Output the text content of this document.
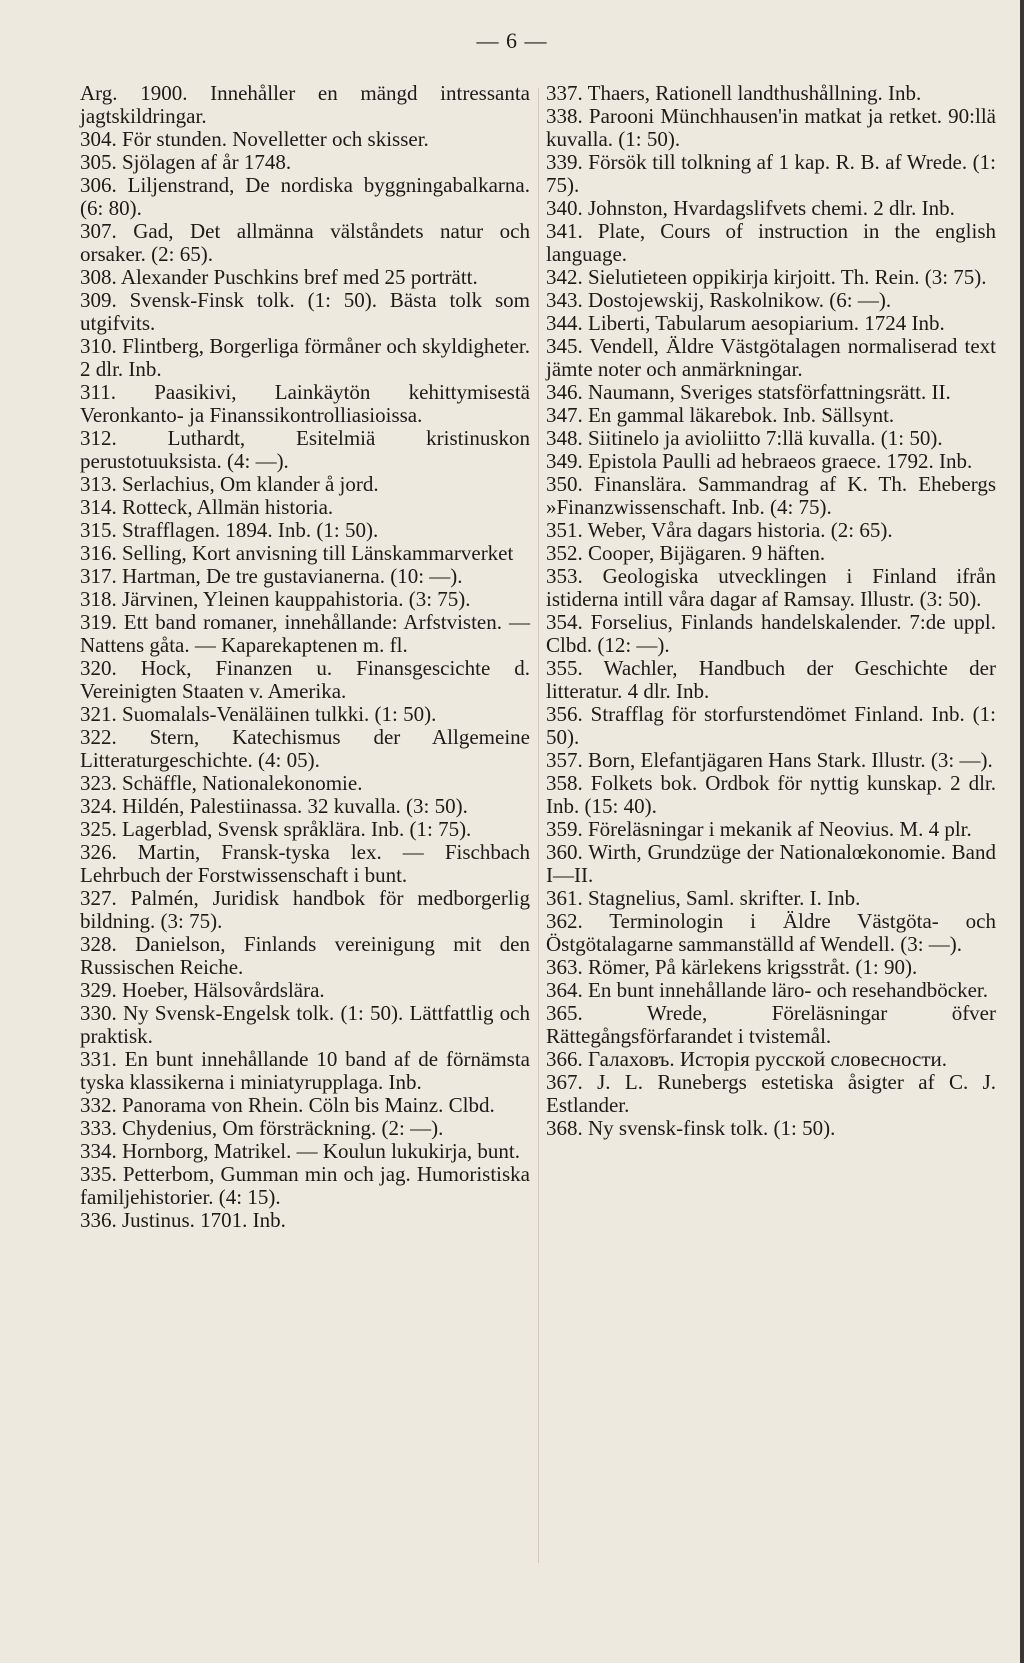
— 6 —

Arg. 1900. Innehåller en mängd intressanta jagtskildringar.

304. För stunden. Novelletter och skisser.

305. Sjölagen af år 1748.

306. Liljenstrand, De nordiska byggningabalkarna. (6: 80).

307. Gad, Det allmänna välståndets natur och orsaker. (2: 65).

308. Alexander Puschkins bref med 25 porträtt.

309. Svensk-Finsk tolk. (1: 50). Bästa tolk som utgifvits.

310. Flintberg, Borgerliga förmåner och skyldigheter. 2 dlr. Inb.

311. Paasikivi, Lainkäytön kehittymisestä Veronkanto- ja Finanssikontrolliasioissa.

312. Luthardt, Esitelmiä kristinuskon perustotuuksista. (4: —).

313. Serlachius, Om klander å jord.

314. Rotteck, Allmän historia.

315. Strafflagen. 1894. Inb. (1: 50).

316. Selling, Kort anvisning till Länskammarverket

317. Hartman, De tre gustavianerna. (10: —).

318. Järvinen, Yleinen kauppahistoria. (3: 75).

319. Ett band romaner, innehållande: Arfstvisten. — Nattens gåta. — Kaparekaptenen m. fl.

320. Hock, Finanzen u. Finansgescichte d. Vereinigten Staaten v. Amerika.

321. Suomalals-Venäläinen tulkki. (1: 50).

322. Stern, Katechismus der Allgemeine Litteraturgeschichte. (4: 05).

323. Schäffle, Nationalekonomie.

324. Hildén, Palestiinassa. 32 kuvalla. (3: 50).

325. Lagerblad, Svensk språklära. Inb. (1: 75).

326. Martin, Fransk-tyska lex. — Fischbach Lehrbuch der Forstwissenschaft i bunt.

327. Palmén, Juridisk handbok för medborgerlig bildning. (3: 75).

328. Danielson, Finlands vereinigung mit den Russischen Reiche.

329. Hoeber, Hälsovårdslära.

330. Ny Svensk-Engelsk tolk. (1: 50). Lättfattlig och praktisk.

331. En bunt innehållande 10 band af de förnämsta tyska klassikerna i miniatyrupplaga. Inb.

332. Panorama von Rhein. Cöln bis Mainz. Clbd.

333. Chydenius, Om försträckning. (2: —).

334. Hornborg, Matrikel. — Koulun lukukirja, bunt.

335. Petterbom, Gumman min och jag. Humoristiska familjehistorier. (4: 15).

336. Justinus. 1701. Inb.

337. Thaers, Rationell landthushållning. Inb.

338. Parooni Münchhausen'in matkat ja retket. 90:llä kuvalla. (1: 50).

339. Försök till tolkning af 1 kap. R. B. af Wrede. (1: 75).

340. Johnston, Hvardagslifvets chemi. 2 dlr. Inb.

341. Plate, Cours of instruction in the english language.

342. Sielutieteen oppikirja kirjoitt. Th. Rein. (3: 75).

343. Dostojewskij, Raskolnikow. (6: —).

344. Liberti, Tabularum aesopiarium. 1724 Inb.

345. Vendell, Äldre Västgötalagen normaliserad text jämte noter och anmärkningar.

346. Naumann, Sveriges statsförfattningsrätt. II.

347. En gammal läkarebok. Inb. Sällsynt.

348. Siitinelo ja avioliitto 7:llä kuvalla. (1: 50).

349. Epistola Paulli ad hebraeos graece. 1792. Inb.

350. Finanslära. Sammandrag af K. Th. Ehebergs »Finanzwissenschaft. Inb. (4: 75).

351. Weber, Våra dagars historia. (2: 65).

352. Cooper, Bijägaren. 9 häften.

353. Geologiska utvecklingen i Finland ifrån istiderna intill våra dagar af Ramsay. Illustr. (3: 50).

354. Forselius, Finlands handelskalender. 7:de uppl. Clbd. (12: —).

355. Wachler, Handbuch der Geschichte der litteratur. 4 dlr. Inb.

356. Strafflag för storfurstendömet Finland. Inb. (1: 50).

357. Born, Elefantjägaren Hans Stark. Illustr. (3: —).

358. Folkets bok. Ordbok för nyttig kunskap. 2 dlr. Inb. (15: 40).

359. Föreläsningar i mekanik af Neovius. M. 4 plr.

360. Wirth, Grundzüge der Nationalœkonomie. Band I—II.

361. Stagnelius, Saml. skrifter. I. Inb.

362. Terminologin i Äldre Västgöta- och Östgötalagarne sammanställd af Wendell. (3: —).

363. Römer, På kärlekens krigsstråt. (1: 90).

364. En bunt innehållande läro- och resehandböcker.

365. Wrede, Föreläsningar öfver Rättegångsförfarandet i tvistemål.

366. Галаховъ. Исторія русской словесности.

367. J. L. Runebergs estetiska åsigter af C. J. Estlander.

368. Ny svensk-finsk tolk. (1: 50).
